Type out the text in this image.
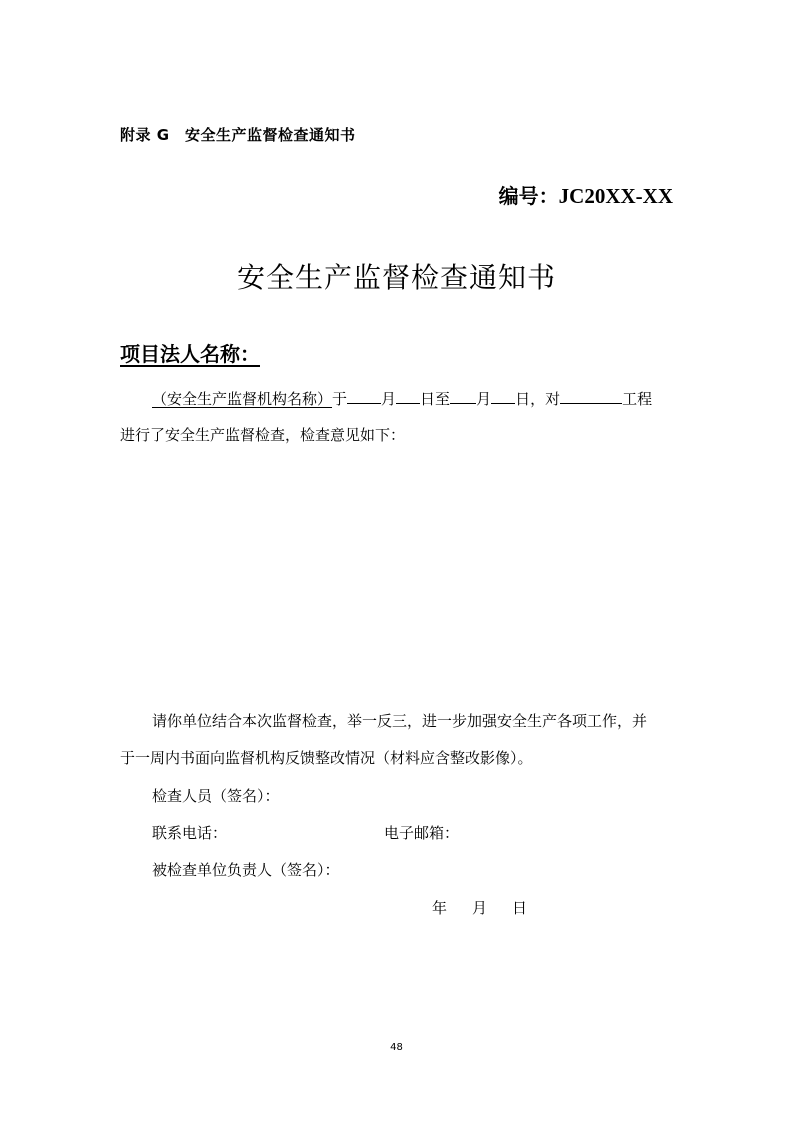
附录 G　安全生产监督检查通知书
编号：JC20XX-XX
安全生产监督检查通知书
项目法人名称：
（安全生产监督机构名称）于 月 日至 月 日，对	工程
进行了安全生产监督检查，检查意见如下：
请你单位结合本次监督检查，举一反三，进一步加强安全生产各项工作，并
于一周内书面向监督机构反馈整改情况（材料应含整改影像）。
检查人员（签名）：
联系电话：	电子邮箱：
被检查单位负责人（签名）：
年 月 日
48
